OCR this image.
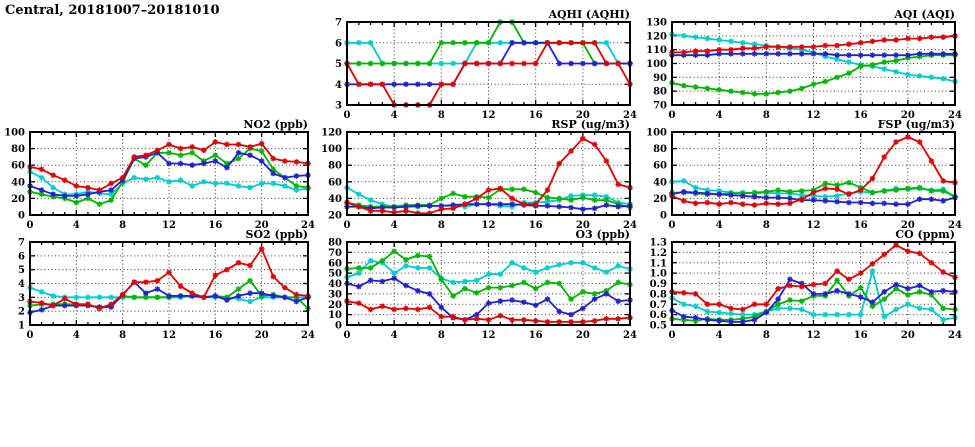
Central, 20181007–20181010	AQHI (AQHI)
3
4
5
6
7
0	4	8	12	16	20	24
AQI (AQI)
70
80
90
100
110
120
130
0	4	8	12	16	20	24
NO2 (ppb)
0
20
40
60
80
100
0	4	8	12	16	20	24
RSP (ug/m3)
20
40
60
80
100
120
0	4	8	12	16	20	24
FSP (ug/m3)
0
20
40
60
80
100
0	4	8	12	16	20	24
SO2 (ppb)
1
2
3
4
5
6
7
0	4	8	12	16	20	24
O3 (ppb)
0
10
20
30
40
50
60
70
80
0	4	8	12	16	20	24
CO (ppm)
0.5
0.6
0.7
0.8
0.9
1.0
1.1
1.2
1.3
0	4	8	12	16	20	24
